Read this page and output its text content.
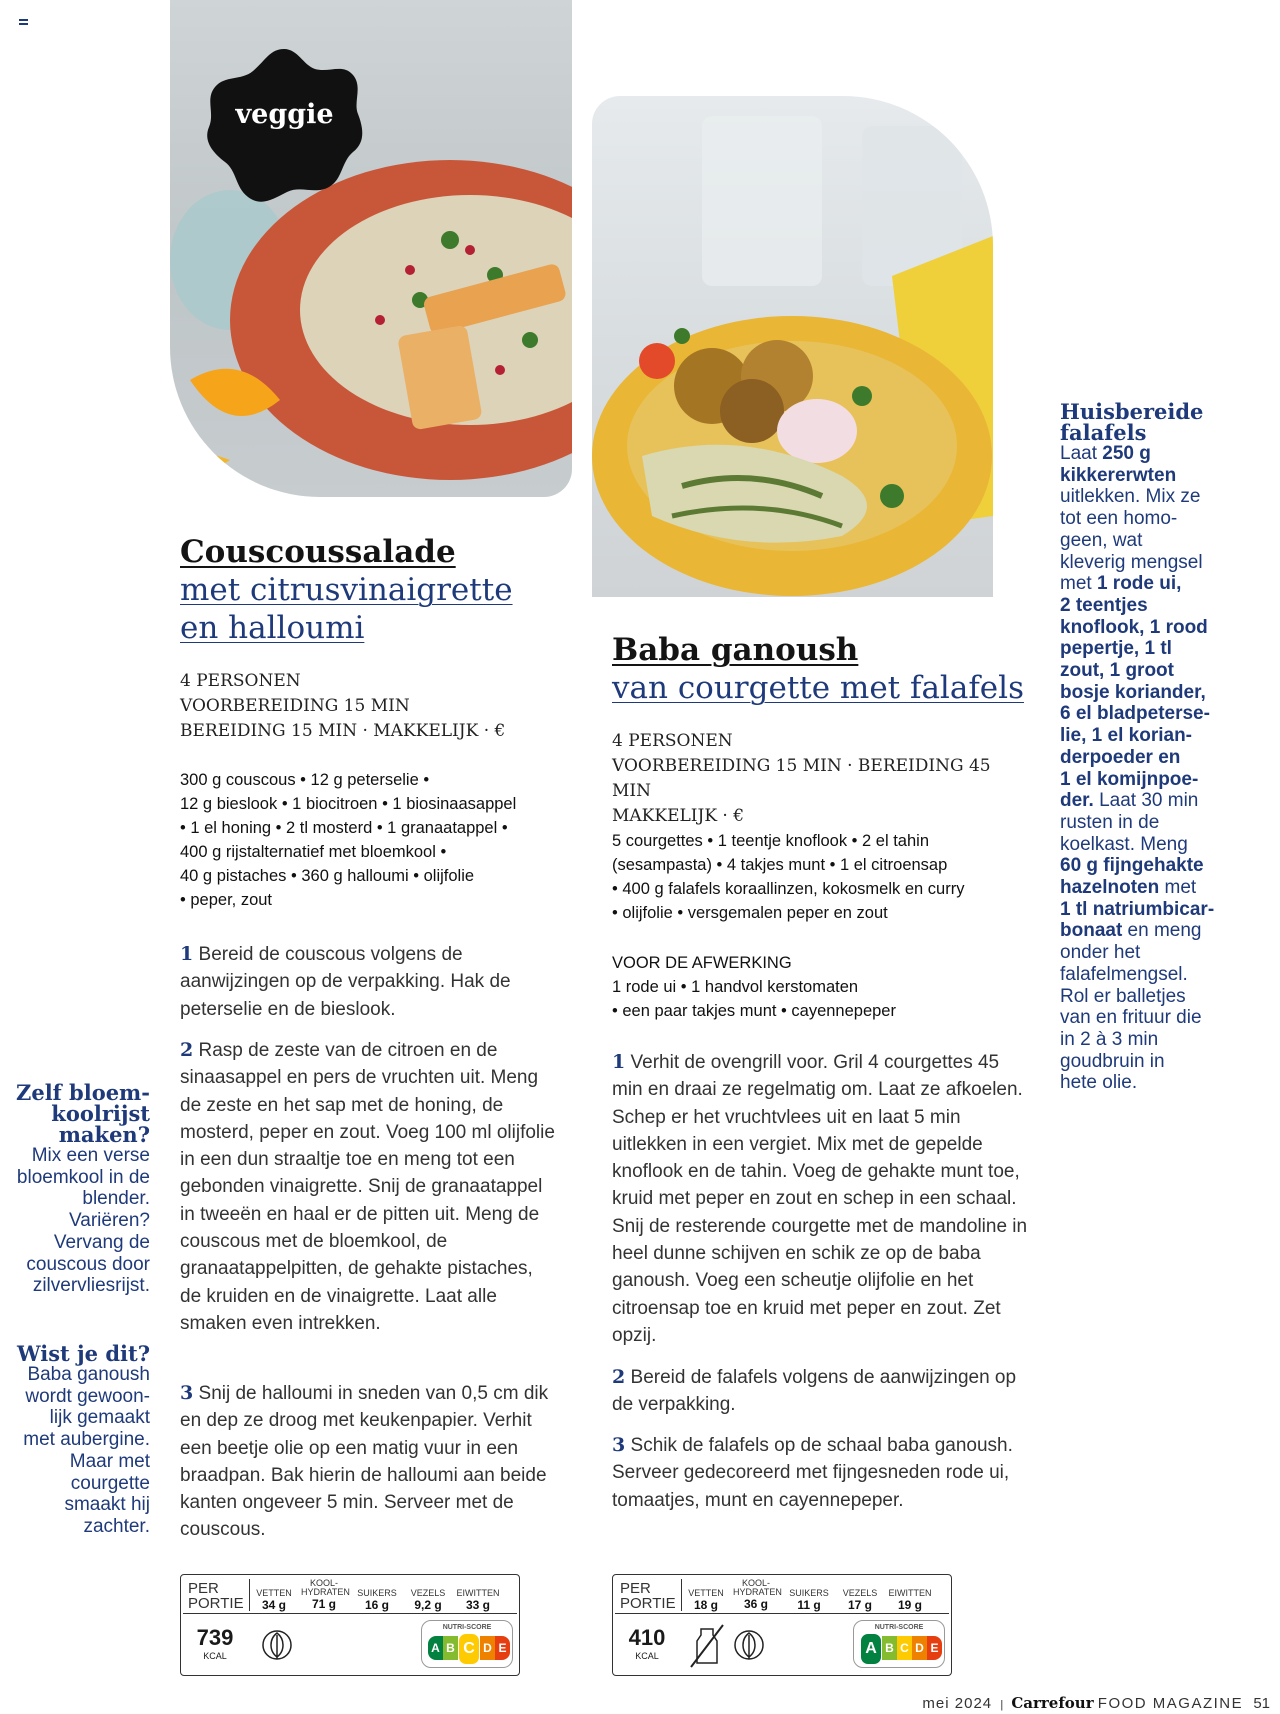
veggie
Couscoussalade
met citrusvinaigrette
en halloumi
4 PERSONEN
VOORBEREIDING 15 MIN
BEREIDING 15 MIN · MAKKELIJK · €
300 g couscous • 12 g peterselie •
12 g bieslook • 1 biocitroen • 1 biosinaasappel
• 1 el honing • 2 tl mosterd • 1 granaatappel •
400 g rijstalternatief met bloemkool •
40 g pistaches • 360 g halloumi • olijfolie
• peper, zout
1 Bereid de couscous volgens de aanwijzingen op de verpakking. Hak de peterselie en de bieslook.
2 Rasp de zeste van de citroen en de sinaasappel en pers de vruchten uit. Meng de zeste en het sap met de honing, de mosterd, peper en zout. Voeg 100 ml olijfolie in een dun straaltje toe en meng tot een gebonden vinaigrette. Snij de granaatappel in tweeën en haal er de pitten uit. Meng de couscous met de bloemkool, de granaatappelpitten, de gehakte pistaches, de kruiden en de vinaigrette. Laat alle smaken even intrekken.
3 Snij de halloumi in sneden van 0,5 cm dik en dep ze droog met keukenpapier. Verhit een beetje olie op een matig vuur in een braadpan. Bak hierin de halloumi aan beide kanten ongeveer 5 min. Serveer met de couscous.
PER PORTIE
VETTEN
34 g
KOOL- HYDRATEN
71 g
SUIKERS
16 g
VEZELS
9,2 g
EIWITTEN
33 g
739
KCAL
NUTRI-SCORE
A B C D E
Baba ganoush
van courgette met falafels
4 PERSONEN
VOORBEREIDING 15 MIN · BEREIDING 45 MIN
MAKKELIJK · €
5 courgettes • 1 teentje knoflook • 2 el tahin
(sesampasta) • 4 takjes munt • 1 el citroensap
• 400 g falafels koraallinzen, kokosmelk en curry
• olijfolie • versgemalen peper en zout
VOOR DE AFWERKING
1 rode ui • 1 handvol kerstomaten
• een paar takjes munt • cayennepeper
1 Verhit de ovengrill voor. Gril 4 courgettes 45 min en draai ze regelmatig om. Laat ze afkoelen. Schep er het vruchtvlees uit en laat 5 min uitlekken in een vergiet. Mix met de gepelde knoflook en de tahin. Voeg de gehakte munt toe, kruid met peper en zout en schep in een schaal. Snij de resterende courgette met de mandoline in heel dunne schijven en schik ze op de baba ganoush. Voeg een scheutje olijfolie en het citroensap toe en kruid met peper en zout. Zet opzij.
2 Bereid de falafels volgens de aanwijzingen op de verpakking.
3 Schik de falafels op de schaal baba ganoush. Serveer gedecoreerd met fijngesneden rode ui, tomaatjes, munt en cayennepeper.
PER PORTIE
VETTEN
18 g
KOOL- HYDRATEN
36 g
SUIKERS
11 g
VEZELS
17 g
EIWITTEN
19 g
410
KCAL
NUTRI-SCORE
A B C D E
Zelf bloem-
koolrijst
maken?
Mix een verse
bloemkool in de
blender.
Variëren?
Vervang de
couscous door
zilvervliesrijst.
Wist je dit?
Baba ganoush
wordt gewoon-
lijk gemaakt
met aubergine.
Maar met
courgette
smaakt hij
zachter.
Huisbereide
falafels
Laat 250 g
kikkererwten
uitlekken. Mix ze
tot een homo-
geen, wat
kleverig mengsel
met 1 rode ui,
2 teentjes
knoflook, 1 rood
pepertje, 1 tl
zout, 1 groot
bosje koriander,
6 el bladpeterse-
lie, 1 el korian-
derpoeder en
1 el komijnpoe-
der. Laat 30 min
rusten in de
koelkast. Meng
60 g fijngehakte
hazelnoten met
1 tl natriumbicar-
bonaat en meng
onder het
falafelmengsel.
Rol er balletjes
van en frituur die
in 2 à 3 min
goudbruin in
hete olie.
mei 2024 | Carrefour FOOD MAGAZINE 51
